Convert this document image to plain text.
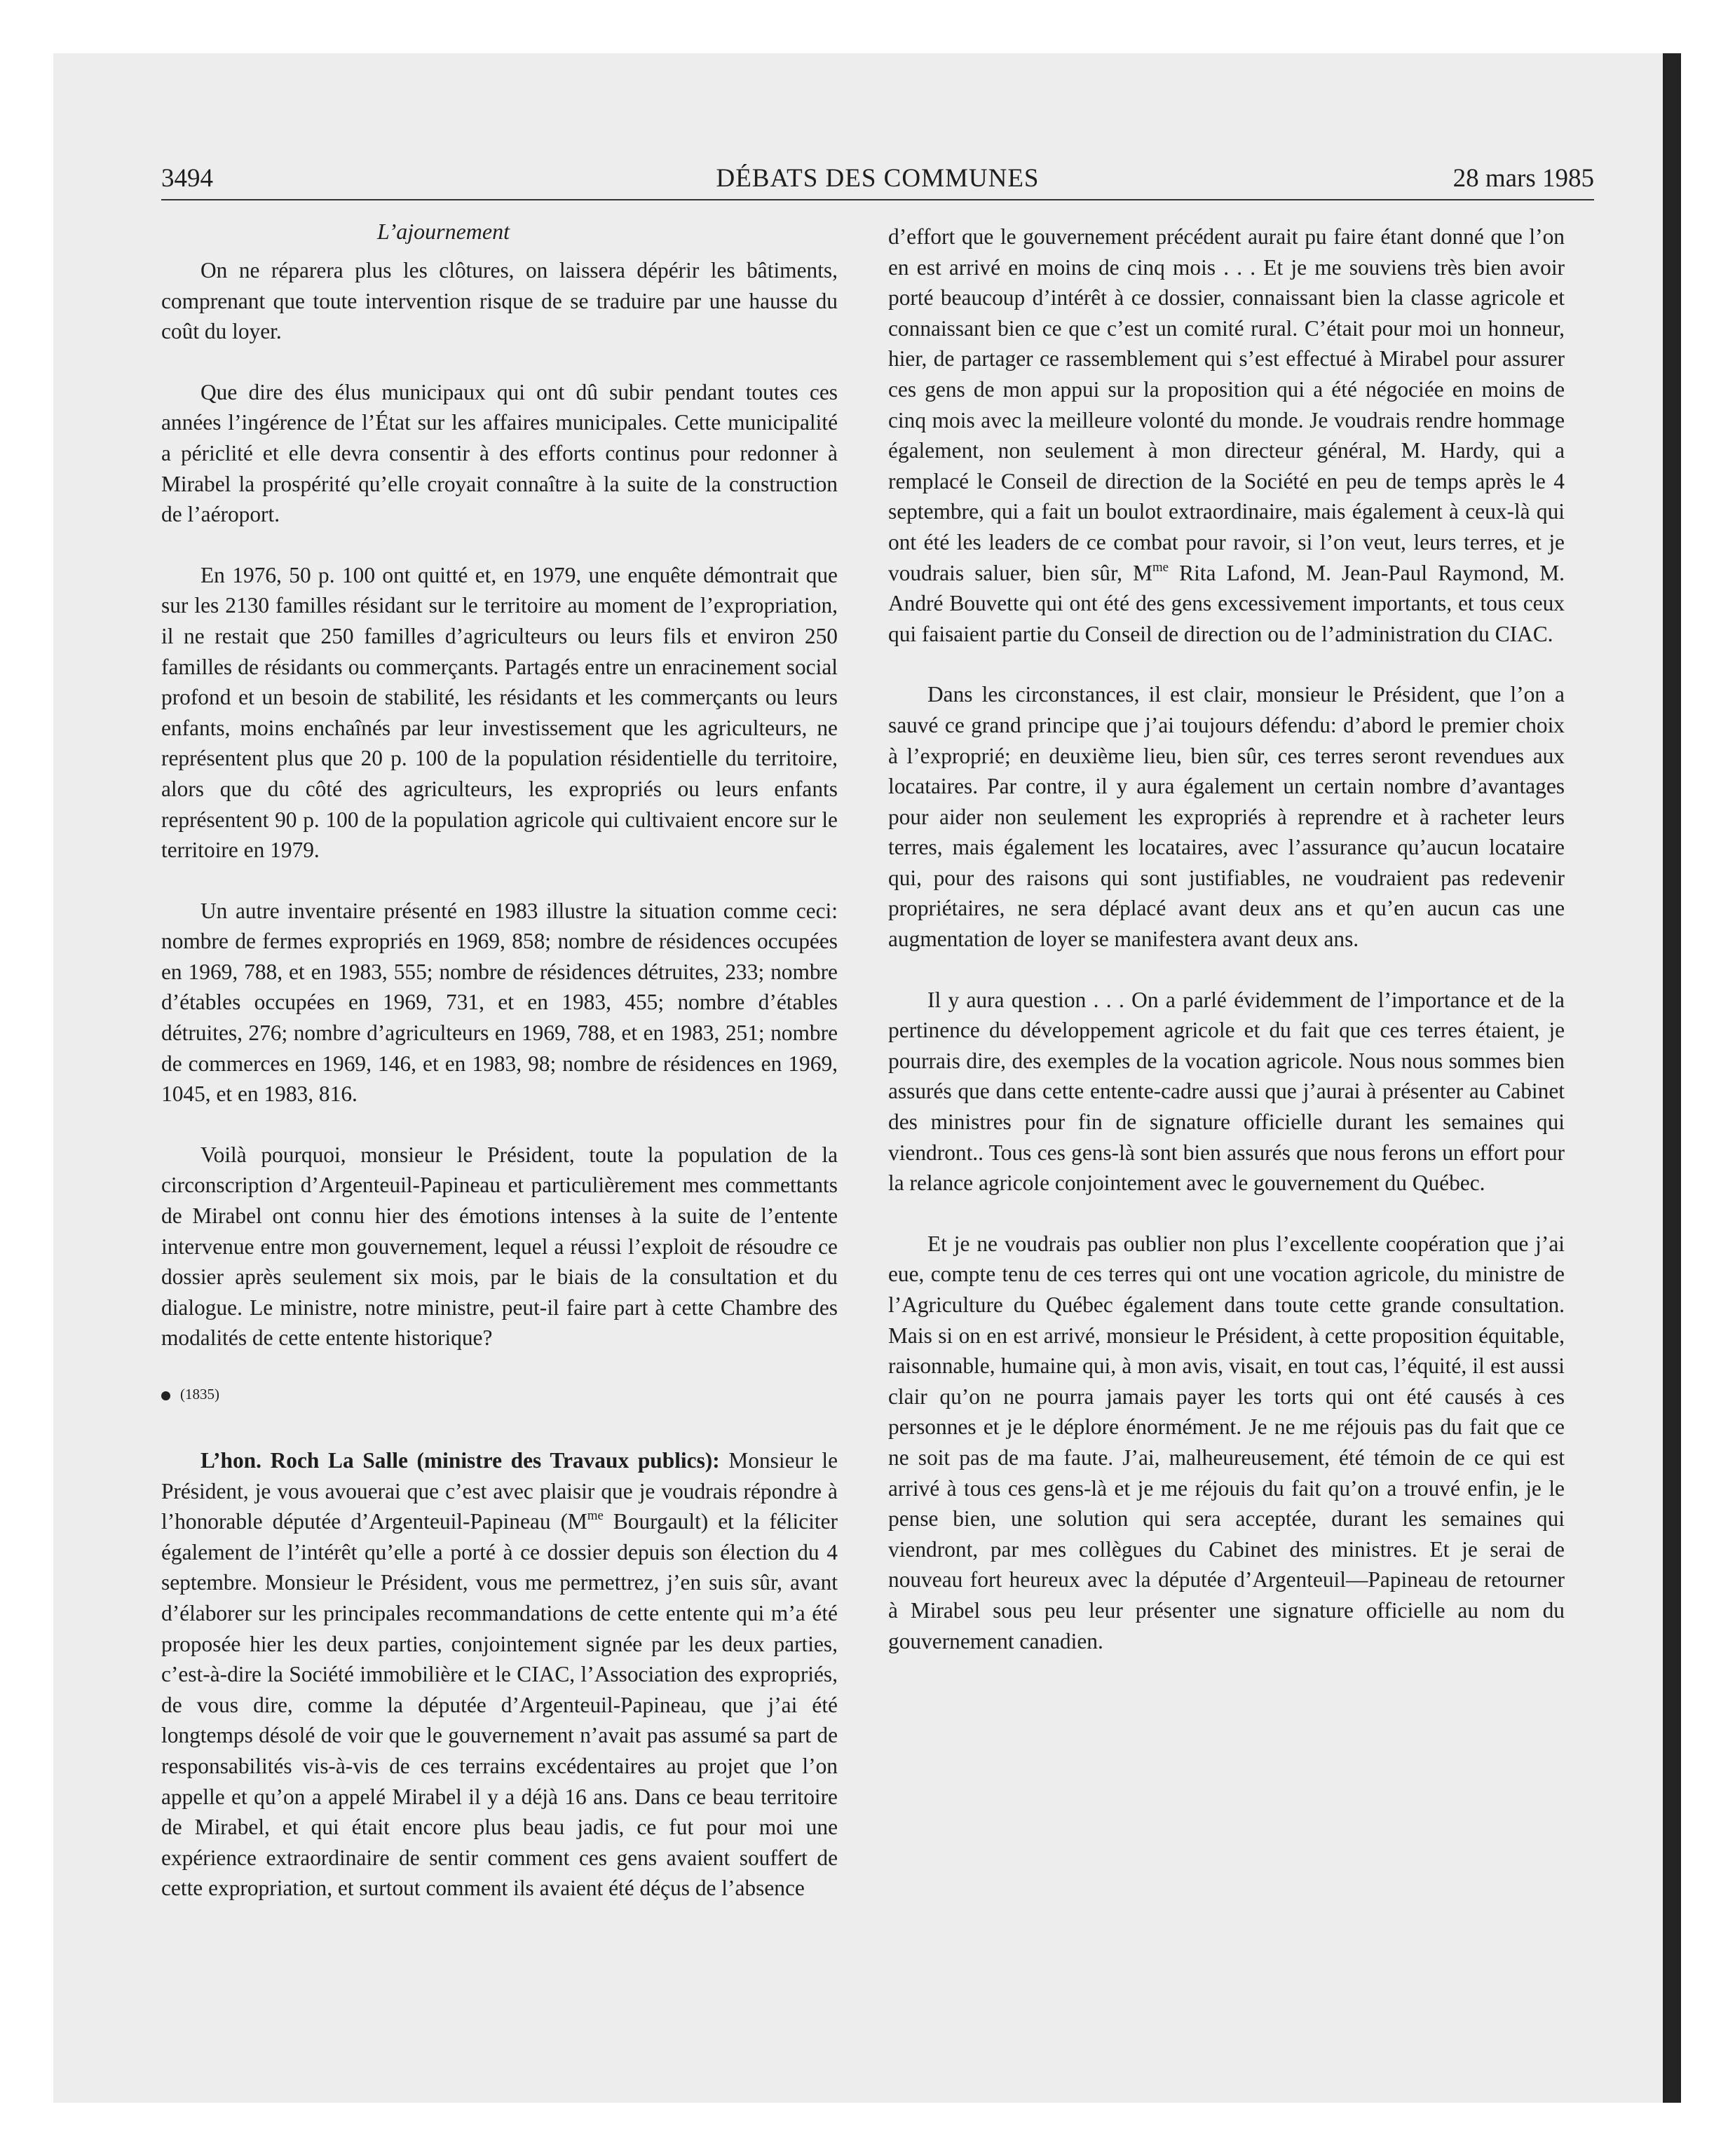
3494	DÉBATS DES COMMUNES	28 mars 1985
L’ajournement

On ne réparera plus les clôtures, on laissera dépérir les bâtiments, comprenant que toute intervention risque de se traduire par une hausse du coût du loyer.

Que dire des élus municipaux qui ont dû subir pendant toutes ces années l’ingérence de l’État sur les affaires municipales. Cette municipalité a périclité et elle devra consentir à des efforts continus pour redonner à Mirabel la prospérité qu’elle croyait connaître à la suite de la construction de l’aéroport.

En 1976, 50 p. 100 ont quitté et, en 1979, une enquête démontrait que sur les 2130 familles résidant sur le territoire au moment de l’expropriation, il ne restait que 250 familles d’agriculteurs ou leurs fils et environ 250 familles de résidants ou commerçants. Partagés entre un enracinement social profond et un besoin de stabilité, les résidants et les commerçants ou leurs enfants, moins enchaînés par leur investissement que les agriculteurs, ne représentent plus que 20 p. 100 de la population résidentielle du territoire, alors que du côté des agriculteurs, les expropriés ou leurs enfants représentent 90 p. 100 de la population agricole qui cultivaient encore sur le territoire en 1979.

Un autre inventaire présenté en 1983 illustre la situation comme ceci: nombre de fermes expropriés en 1969, 858; nombre de résidences occupées en 1969, 788, et en 1983, 555; nombre de résidences détruites, 233; nombre d’étables occupées en 1969, 731, et en 1983, 455; nombre d’étables détruites, 276; nombre d’agriculteurs en 1969, 788, et en 1983, 251; nombre de commerces en 1969, 146, et en 1983, 98; nombre de résidences en 1969, 1045, et en 1983, 816.

Voilà pourquoi, monsieur le Président, toute la population de la circonscription d’Argenteuil-Papineau et particulièrement mes commettants de Mirabel ont connu hier des émotions intenses à la suite de l’entente intervenue entre mon gouvernement, lequel a réussi l’exploit de résoudre ce dossier après seulement six mois, par le biais de la consultation et du dialogue. Le ministre, notre ministre, peut-il faire part à cette Chambre des modalités de cette entente historique?

(1835)

L’hon. Roch La Salle (ministre des Travaux publics): Monsieur le Président, je vous avouerai que c’est avec plaisir que je voudrais répondre à l’honorable députée d’Argenteuil-Papineau ($M^{me}$ Bourgault) et la féliciter également de l’intérêt qu’elle a porté à ce dossier depuis son élection du 4 septembre. Monsieur le Président, vous me permettrez, j’en suis sûr, avant d’élaborer sur les principales recommandations de cette entente qui m’a été proposée hier les deux parties, conjointement signée par les deux parties, c’est-à-dire la Société immobilière et le CIAC, l’Association des expropriés, de vous dire, comme la députée d’Argenteuil-Papineau, que j’ai été longtemps désolé de voir que le gouvernement n’avait pas assumé sa part de responsabilités vis-à-vis de ces terrains excédentaires au projet que l’on appelle et qu’on a appelé Mirabel il y a déjà 16 ans. Dans ce beau territoire de Mirabel, et qui était encore plus beau jadis, ce fut pour moi une expérience extraordinaire de sentir comment ces gens avaient souffert de cette expropriation, et surtout comment ils avaient été déçus de l’absence

d’effort que le gouvernement précédent aurait pu faire étant donné que l’on en est arrivé en moins de cinq mois . . . Et je me souviens très bien avoir porté beaucoup d’intérêt à ce dossier, connaissant bien la classe agricole et connaissant bien ce que c’est un comité rural. C’était pour moi un honneur, hier, de partager ce rassemblement qui s’est effectué à Mirabel pour assurer ces gens de mon appui sur la proposition qui a été négociée en moins de cinq mois avec la meilleure volonté du monde. Je voudrais rendre hommage également, non seulement à mon directeur général, M. Hardy, qui a remplacé le Conseil de direction de la Société en peu de temps après le 4 septembre, qui a fait un boulot extraordinaire, mais également à ceux-là qui ont été les leaders de ce combat pour ravoir, si l’on veut, leurs terres, et je voudrais saluer, bien sûr, $M^{me}$ Rita Lafond, M. Jean-Paul Raymond, M. André Bouvette qui ont été des gens excessivement importants, et tous ceux qui faisaient partie du Conseil de direction ou de l’administration du CIAC.

Dans les circonstances, il est clair, monsieur le Président, que l’on a sauvé ce grand principe que j’ai toujours défendu: d’abord le premier choix à l’exproprié; en deuxième lieu, bien sûr, ces terres seront revendues aux locataires. Par contre, il y aura également un certain nombre d’avantages pour aider non seulement les expropriés à reprendre et à racheter leurs terres, mais également les locataires, avec l’assurance qu’aucun locataire qui, pour des raisons qui sont justifiables, ne voudraient pas redevenir propriétaires, ne sera déplacé avant deux ans et qu’en aucun cas une augmentation de loyer se manifestera avant deux ans.

Il y aura question . . . On a parlé évidemment de l’importance et de la pertinence du développement agricole et du fait que ces terres étaient, je pourrais dire, des exemples de la vocation agricole. Nous nous sommes bien assurés que dans cette entente-cadre aussi que j’aurai à présenter au Cabinet des ministres pour fin de signature officielle durant les semaines qui viendront.. Tous ces gens-là sont bien assurés que nous ferons un effort pour la relance agricole conjointement avec le gouvernement du Québec.

Et je ne voudrais pas oublier non plus l’excellente coopération que j’ai eue, compte tenu de ces terres qui ont une vocation agricole, du ministre de l’Agriculture du Québec également dans toute cette grande consultation. Mais si on en est arrivé, monsieur le Président, à cette proposition équitable, raisonnable, humaine qui, à mon avis, visait, en tout cas, l’équité, il est aussi clair qu’on ne pourra jamais payer les torts qui ont été causés à ces personnes et je le déplore énormément. Je ne me réjouis pas du fait que ce ne soit pas de ma faute. J’ai, malheureusement, été témoin de ce qui est arrivé à tous ces gens-là et je me réjouis du fait qu’on a trouvé enfin, je le pense bien, une solution qui sera acceptée, durant les semaines qui viendront, par mes collègues du Cabinet des ministres. Et je serai de nouveau fort heureux avec la députée d’Argenteuil—Papineau de retourner à Mirabel sous peu leur présenter une signature officielle au nom du gouvernement canadien.
